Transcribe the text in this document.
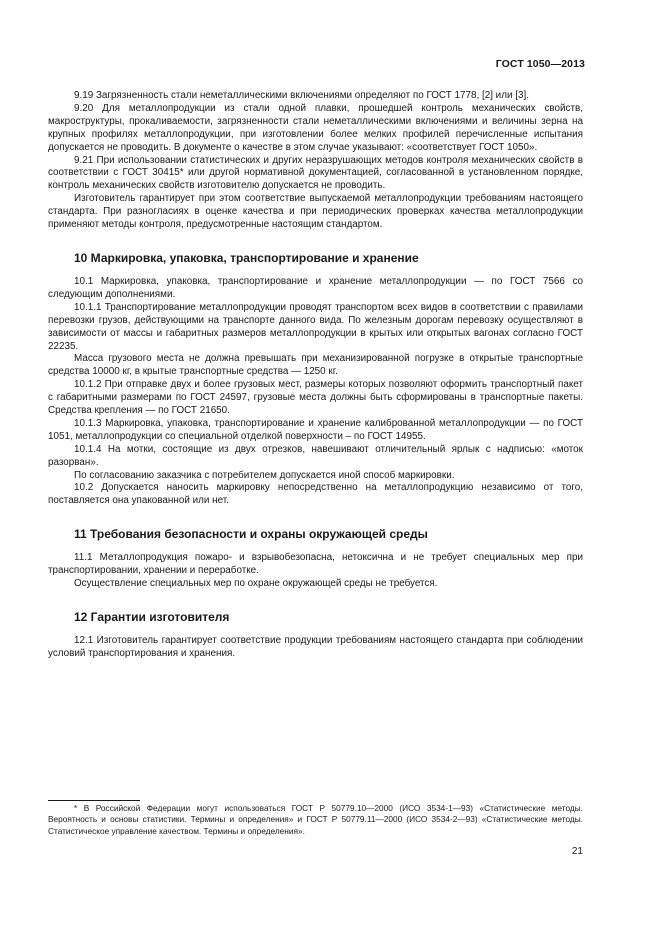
ГОСТ 1050—2013

9.19 Загрязненность стали неметаллическими включениями определяют по ГОСТ 1778, [2] или [3].

9.20 Для металлопродукции из стали одной плавки, прошедшей контроль механических свойств, макроструктуры, прокаливаемости, загрязненности стали неметаллическими включениями и величины зерна на крупных профилях металлопродукции, при изготовлении более мелких профилей перечисленные испытания допускается не проводить. В документе о качестве в этом случае указывают: «соответствует ГОСТ 1050».

9.21 При использовании статистических и других неразрушающих методов контроля механических свойств в соответствии с ГОСТ 30415* или другой нормативной документацией, согласованной в установленном порядке, контроль механических свойств изготовителю допускается не проводить.

Изготовитель гарантирует при этом соответствие выпускаемой металлопродукции требованиям настоящего стандарта. При разногласиях в оценке качества и при периодических проверках качества металлопродукции применяют методы контроля, предусмотренные настоящим стандартом.

10 Маркировка, упаковка, транспортирование и хранение

10.1 Маркировка, упаковка, транспортирование и хранение металлопродукции — по ГОСТ 7566 со следующим дополнениями.

10.1.1 Транспортирование металлопродукции проводят транспортом всех видов в соответствии с правилами перевозки грузов, действующими на транспорте данного вида. По железным дорогам перевозку осуществляют в зависимости от массы и габаритных размеров металлопродукции в крытых или открытых вагонах согласно ГОСТ 22235.

Масса грузового места не должна превышать при механизированной погрузке в открытые транспортные средства 10000 кг, в крытые транспортные средства — 1250 кг.

10.1.2 При отправке двух и более грузовых мест, размеры которых позволяют оформить транспортный пакет с габаритными размерами по ГОСТ 24597, грузовые места должны быть сформированы в транспортные пакеты. Средства крепления — по ГОСТ 21650.

10.1.3 Маркировка, упаковка, транспортирование и хранение калиброванной металлопродукции — по ГОСТ 1051, металлопродукции со специальной отделкой поверхности – по ГОСТ 14955.

10.1.4 На мотки, состоящие из двух отрезков, навешивают отличительный ярлык с надписью: «моток разорван».

По согласованию заказчика с потребителем допускается иной способ маркировки.

10.2 Допускается наносить маркировку непосредственно на металлопродукцию независимо от того, поставляется она упакованной или нет.

11 Требования безопасности и охраны окружающей среды

11.1 Металлопродукция пожаро- и взрывобезопасна, нетоксична и не требует специальных мер при транспортировании, хранении и переработке.

Осуществление специальных мер по охране окружающей среды не требуется.

12 Гарантии изготовителя

12.1 Изготовитель гарантирует соответствие продукции требованиям настоящего стандарта при соблюдении условий транспортирования и хранения.

* В Российской Федерации могут использоваться ГОСТ Р 50779.10—2000 (ИСО 3534-1—93) «Статистические методы. Вероятность и основы статистики. Термины и определения» и ГОСТ Р 50779.11—2000 (ИСО 3534-2—93) «Статистические методы. Статистическое управление качеством. Термины и определения».

21
